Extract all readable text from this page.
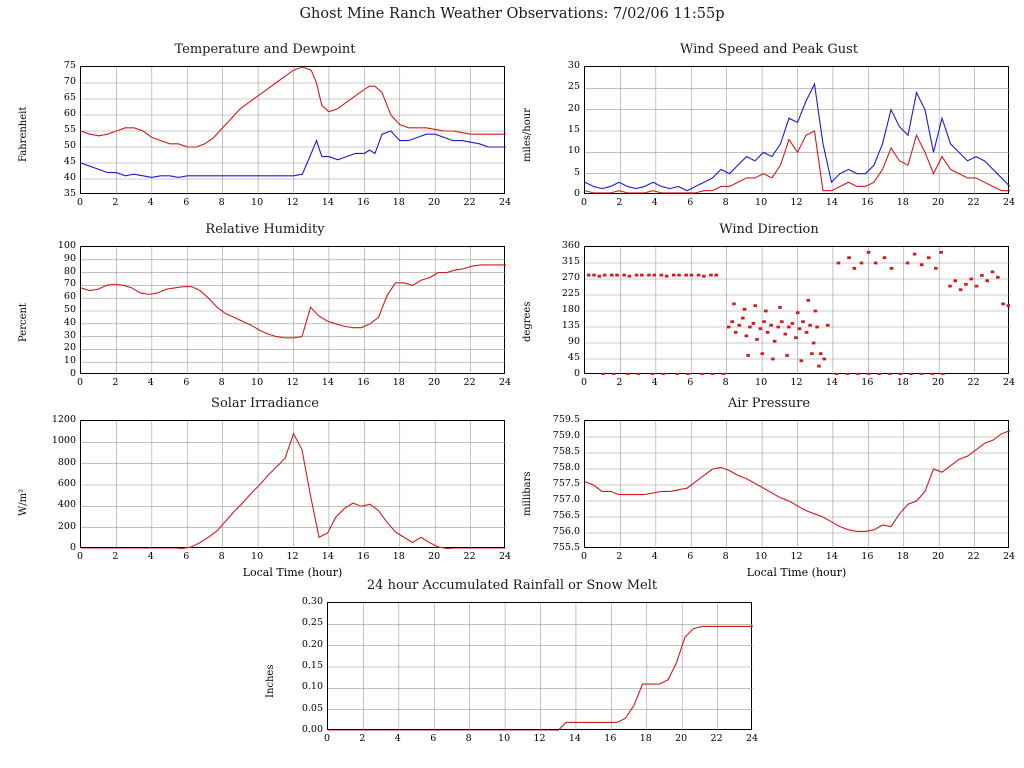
Ghost Mine Ranch Weather Observations: 7/02/06 11:55p
Temperature and Dewpoint
35
40
45
50
55
60
65
70
75
0	2	4	6	8	10	12	14	16	18	20	22	24
Fahrenheit
Wind Speed and Peak Gust
0
5
10
15
20
25
30
0	2	4	6	8	10	12	14	16	18	20	22	24
miles/hour
Relative Humidity
0
10
20
30
40
50
60
70
80
90
100
0	2	4	6	8	10	12	14	16	18	20	22	24
Percent
Wind Direction
0
45
90
135
180
225
270
315
360
0	2	4	6	8	10	12	14	16	18	20	22	24
degrees
Solar Irradiance
0
200
400
600
800
1000
1200
0	2	4	6	8	10	12	14	16	18	20	22	24
W/m²
Local Time (hour)
Air Pressure
755.5
756.0
756.5
757.0
757.5
758.0
758.5
759.0
759.5
0	2	4	6	8	10	12	14	16	18	20	22	24
millibars
Local Time (hour)
24 hour Accumulated Rainfall or Snow Melt
0.00
0.05
0.10
0.15
0.20
0.25
0.30
0	2	4	6	8	10	12	14	16	18	20	22	24
Inches
